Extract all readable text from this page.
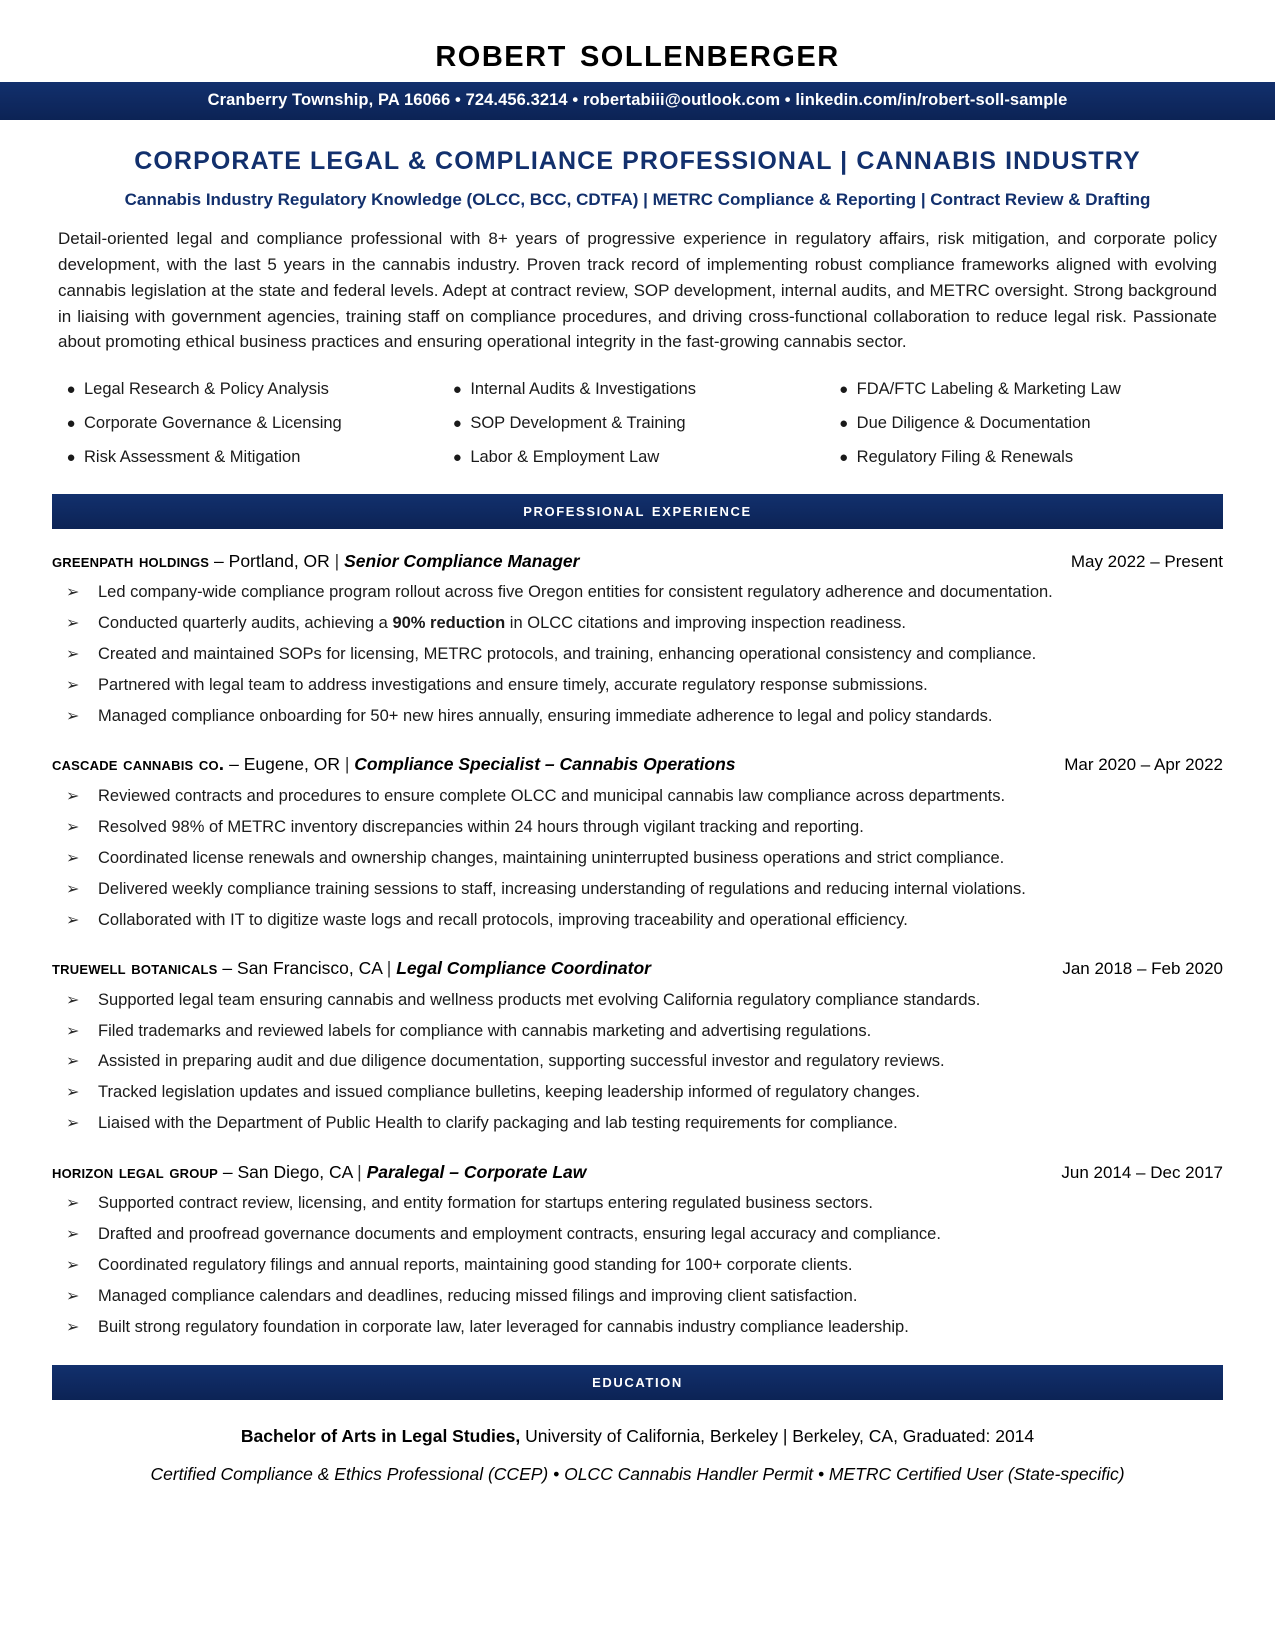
robert sollenberger
Cranberry Township, PA 16066 • 724.456.3214 • robertabiii@outlook.com • linkedin.com/in/robert-soll-sample
CORPORATE LEGAL & COMPLIANCE PROFESSIONAL | CANNABIS INDUSTRY
Cannabis Industry Regulatory Knowledge (OLCC, BCC, CDTFA) | METRC Compliance & Reporting | Contract Review & Drafting
Detail-oriented legal and compliance professional with 8+ years of progressive experience in regulatory affairs, risk mitigation, and corporate policy development, with the last 5 years in the cannabis industry. Proven track record of implementing robust compliance frameworks aligned with evolving cannabis legislation at the state and federal levels. Adept at contract review, SOP development, internal audits, and METRC oversight. Strong background in liaising with government agencies, training staff on compliance procedures, and driving cross-functional collaboration to reduce legal risk. Passionate about promoting ethical business practices and ensuring operational integrity in the fast-growing cannabis sector.
● Legal Research & Policy Analysis	● Internal Audits & Investigations	● FDA/FTC Labeling & Marketing Law
● Corporate Governance & Licensing	● SOP Development & Training	● Due Diligence & Documentation
● Risk Assessment & Mitigation	● Labor & Employment Law	● Regulatory Filing & Renewals
professional experience
greenpath holdings – Portland, OR | Senior Compliance Manager	May 2022 – Present
➢	Led company-wide compliance program rollout across five Oregon entities for consistent regulatory adherence and documentation.
➢	Conducted quarterly audits, achieving a 90% reduction in OLCC citations and improving inspection readiness.
➢	Created and maintained SOPs for licensing, METRC protocols, and training, enhancing operational consistency and compliance.
➢	Partnered with legal team to address investigations and ensure timely, accurate regulatory response submissions.
➢	Managed compliance onboarding for 50+ new hires annually, ensuring immediate adherence to legal and policy standards.
cascade cannabis co. – Eugene, OR | Compliance Specialist – Cannabis Operations	Mar 2020 – Apr 2022
➢	Reviewed contracts and procedures to ensure complete OLCC and municipal cannabis law compliance across departments.
➢	Resolved 98% of METRC inventory discrepancies within 24 hours through vigilant tracking and reporting.
➢	Coordinated license renewals and ownership changes, maintaining uninterrupted business operations and strict compliance.
➢	Delivered weekly compliance training sessions to staff, increasing understanding of regulations and reducing internal violations.
➢	Collaborated with IT to digitize waste logs and recall protocols, improving traceability and operational efficiency.
truewell botanicals – San Francisco, CA | Legal Compliance Coordinator	Jan 2018 – Feb 2020
➢	Supported legal team ensuring cannabis and wellness products met evolving California regulatory compliance standards.
➢	Filed trademarks and reviewed labels for compliance with cannabis marketing and advertising regulations.
➢	Assisted in preparing audit and due diligence documentation, supporting successful investor and regulatory reviews.
➢	Tracked legislation updates and issued compliance bulletins, keeping leadership informed of regulatory changes.
➢	Liaised with the Department of Public Health to clarify packaging and lab testing requirements for compliance.
horizon legal group – San Diego, CA | Paralegal – Corporate Law	Jun 2014 – Dec 2017
➢	Supported contract review, licensing, and entity formation for startups entering regulated business sectors.
➢	Drafted and proofread governance documents and employment contracts, ensuring legal accuracy and compliance.
➢	Coordinated regulatory filings and annual reports, maintaining good standing for 100+ corporate clients.
➢	Managed compliance calendars and deadlines, reducing missed filings and improving client satisfaction.
➢	Built strong regulatory foundation in corporate law, later leveraged for cannabis industry compliance leadership.
education
Bachelor of Arts in Legal Studies, University of California, Berkeley | Berkeley, CA, Graduated: 2014
Certified Compliance & Ethics Professional (CCEP) • OLCC Cannabis Handler Permit • METRC Certified User (State-specific)
